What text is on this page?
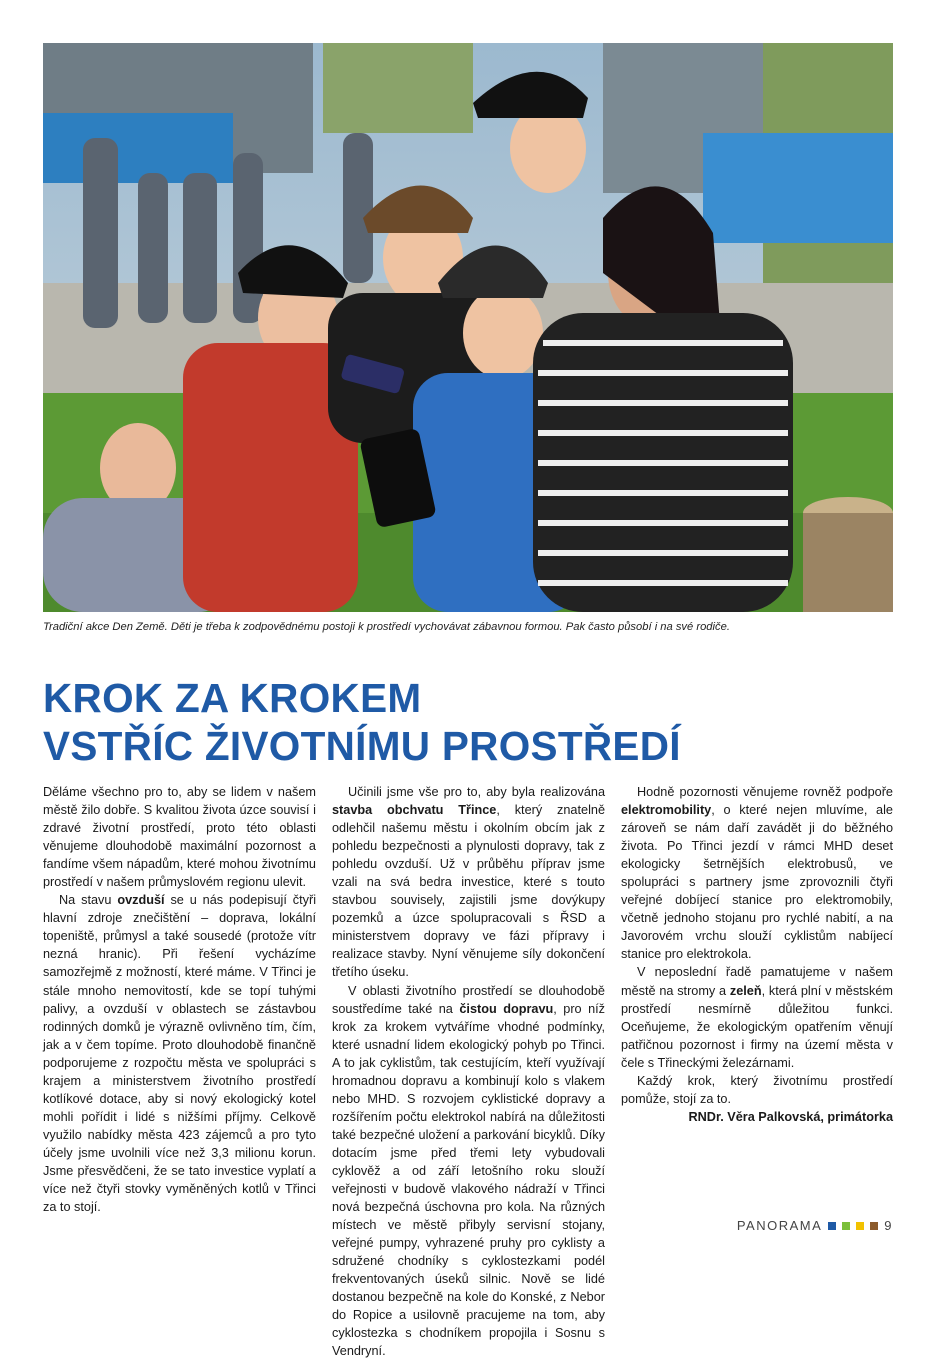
Tradiční akce Den Země. Děti je třeba k zodpovědnému postoji k prostředí vychovávat zábavnou formou. Pak často působí i na své rodiče.
KROK ZA KROKEM
VSTŘÍC ŽIVOTNÍMU PROSTŘEDÍ

Děláme všechno pro to, aby se lidem v našem městě žilo dobře. S kvalitou života úzce souvisí i zdravé životní prostředí, proto této oblasti věnujeme dlouhodobě maximální pozornost a fandíme všem nápadům, které mohou životnímu prostředí v našem průmyslovém regionu ulevit.

Na stavu ovzduší se u nás podepisují čtyři hlavní zdroje znečištění – doprava, lokální topeniště, průmysl a také sousedé (protože vítr nezná hranic). Při řešení vycházíme samozřejmě z možností, které máme. V Třinci je stále mnoho nemovitostí, kde se topí tuhými palivy, a ovzduší v oblastech se zástavbou rodinných domků je výrazně ovlivněno tím, čím, jak a v čem topíme. Proto dlouhodobě finančně podporujeme z rozpočtu města ve spolupráci s krajem a ministerstvem životního prostředí kotlíkové dotace, aby si nový ekologický kotel mohli pořídit i lidé s nižšími příjmy. Celkově využilo nabídky města 423 zájemců a pro tyto účely jsme uvolnili více než 3,3 milionu korun. Jsme přesvědčeni, že se tato investice vyplatí a více než čtyři stovky vyměněných kotlů v Třinci za to stojí.

Učinili jsme vše pro to, aby byla realizována stavba obchvatu Třince, který znatelně odlehčil našemu městu i okolním obcím jak z pohledu bezpečnosti a plynulosti dopravy, tak z pohledu ovzduší. Už v průběhu příprav jsme vzali na svá bedra investice, které s touto stavbou souvisely, zajistili jsme dovýkupy pozemků a úzce spolupracovali s ŘSD a ministerstvem dopravy ve fázi přípravy i realizace stavby. Nyní věnujeme síly dokončení třetího úseku.

V oblasti životního prostředí se dlouhodobě soustředíme také na čistou dopravu, pro níž krok za krokem vytváříme vhodné podmínky, které usnadní lidem ekologický pohyb po Třinci. A to jak cyklistům, tak cestujícím, kteří využívají hromadnou dopravu a kombinují kolo s vlakem nebo MHD. S rozvojem cyklistické dopravy a rozšířením počtu elektrokol nabírá na důležitosti také bezpečné uložení a parkování bicyklů. Díky dotacím jsme před třemi lety vybudovali cyklověž a od září letošního roku slouží veřejnosti v budově vlakového nádraží v Třinci nová bezpečná úschovna pro kola. Na různých místech ve městě přibyly servisní stojany, veřejné pumpy, vyhrazené pruhy pro cyklisty a sdružené chodníky s cyklostezkami podél frekventovaných úseků silnic. Nově se lidé dostanou bezpečně na kole do Konské, z Nebor do Ropice a usilovně pracujeme na tom, aby cyklostezka s chodníkem propojila i Sosnu s Vendryní.

Hodně pozornosti věnujeme rovněž podpoře elektromobility, o které nejen mluvíme, ale zároveň se nám daří zavádět ji do běžného života. Po Třinci jezdí v rámci MHD deset ekologicky šetrnějších elektrobusů, ve spolupráci s partnery jsme zprovoznili čtyři veřejné dobíjecí stanice pro elektromobily, včetně jednoho stojanu pro rychlé nabití, a na Javorovém vrchu slouží cyklistům nabíjecí stanice pro elektrokola.

V neposlední řadě pamatujeme v našem městě na stromy a zeleň, která plní v městském prostředí nesmírně důležitou funkci. Oceňujeme, že ekologickým opatřením věnují patřičnou pozornost i firmy na území města v čele s Třineckými železárnami.

Každý krok, který životnímu prostředí pomůže, stojí za to.

RNDr. Věra Palkovská, primátorka

PANORAMA	9
